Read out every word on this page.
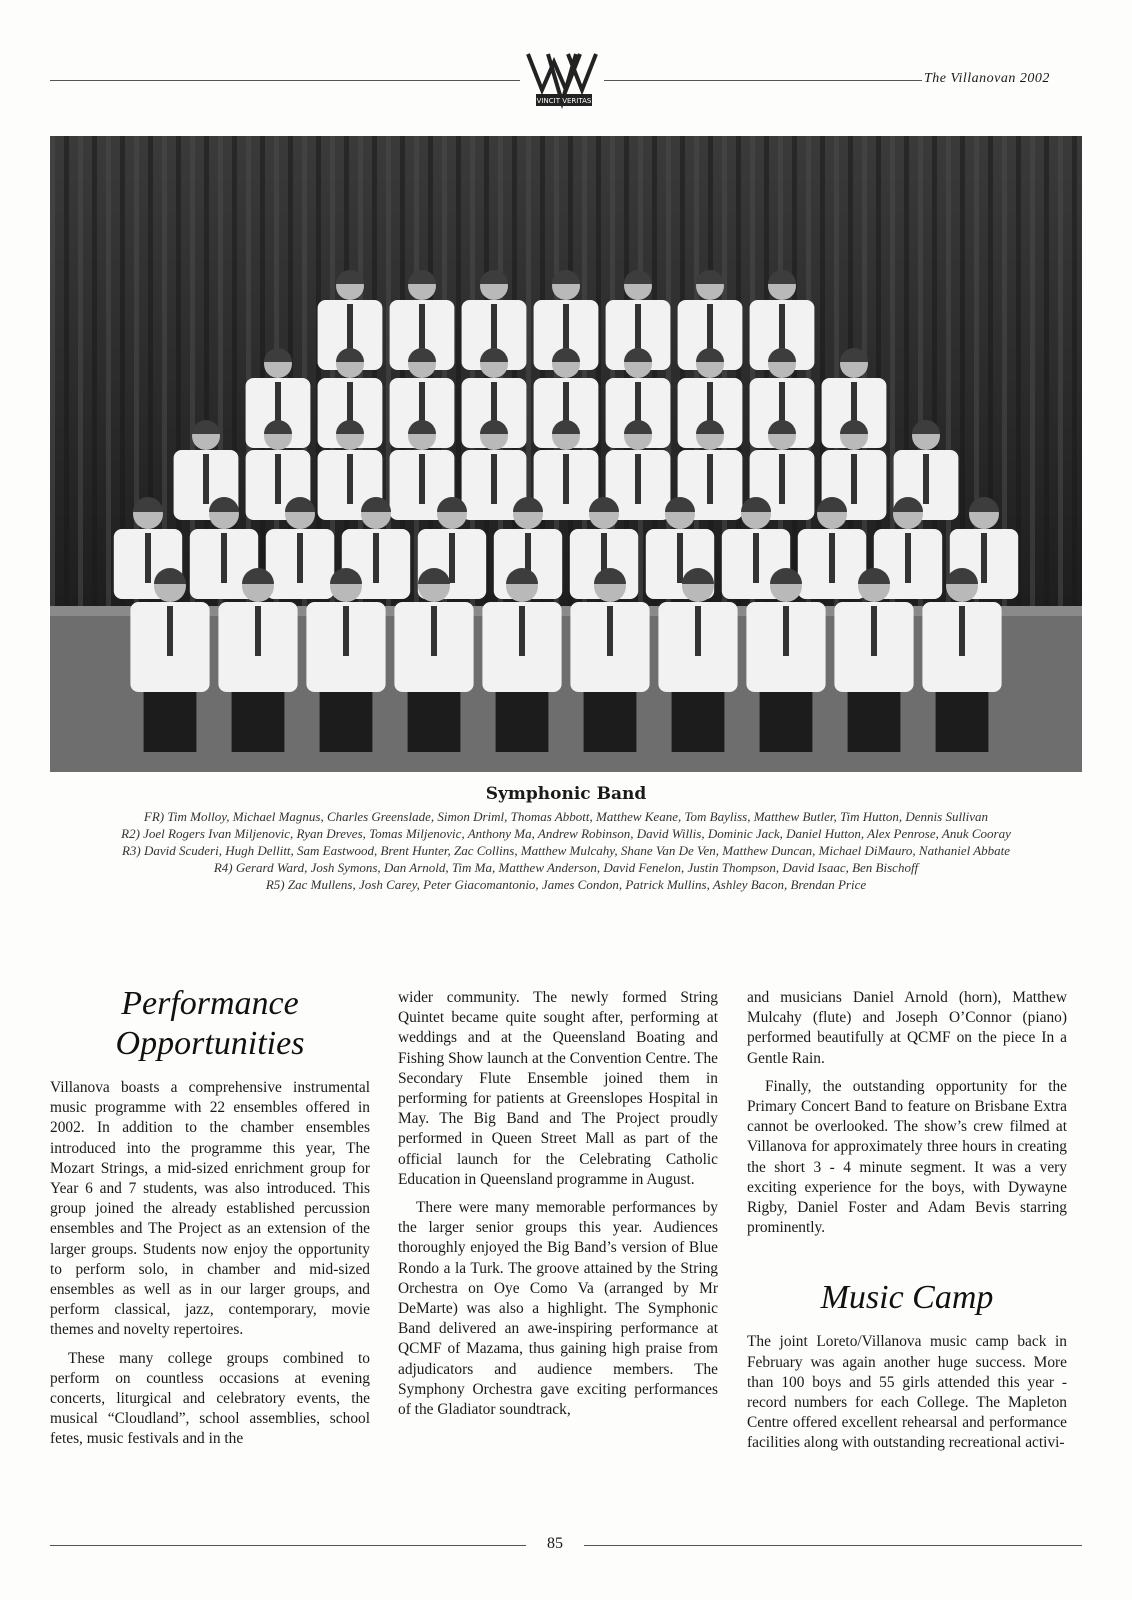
VINCIT VERITAS
The Villanovan 2002
Symphonic Band

FR) Tim Molloy, Michael Magnus, Charles Greenslade, Simon Driml, Thomas Abbott, Matthew Keane, Tom Bayliss, Matthew Butler, Tim Hutton, Dennis Sullivan

R2) Joel Rogers Ivan Miljenovic, Ryan Dreves, Tomas Miljenovic, Anthony Ma, Andrew Robinson, David Willis, Dominic Jack, Daniel Hutton, Alex Penrose, Anuk Cooray

R3) David Scuderi, Hugh Dellitt, Sam Eastwood, Brent Hunter, Zac Collins, Matthew Mulcahy, Shane Van De Ven, Matthew Duncan, Michael DiMauro, Nathaniel Abbate

R4) Gerard Ward, Josh Symons, Dan Arnold, Tim Ma, Matthew Anderson, David Fenelon, Justin Thompson, David Isaac, Ben Bischoff

R5) Zac Mullens, Josh Carey, Peter Giacomantonio, James Condon, Patrick Mullins, Ashley Bacon, Brendan Price

Performance Opportunities

Villanova boasts a comprehensive instrumental music programme with 22 ensembles offered in 2002. In addition to the chamber ensembles introduced into the programme this year, The Mozart Strings, a mid-sized enrichment group for Year 6 and 7 students, was also introduced. This group joined the already established percussion ensembles and The Project as an extension of the larger groups. Students now enjoy the opportunity to perform solo, in chamber and mid-sized ensembles as well as in our larger groups, and perform classical, jazz, contemporary, movie themes and novelty repertoires.

These many college groups combined to perform on countless occasions at evening concerts, liturgical and celebratory events, the musical “Cloudland”, school assemblies, school fetes, music festivals and in the

wider community. The newly formed String Quintet became quite sought after, performing at weddings and at the Queensland Boating and Fishing Show launch at the Convention Centre. The Secondary Flute Ensemble joined them in performing for patients at Greenslopes Hospital in May. The Big Band and The Project proudly performed in Queen Street Mall as part of the official launch for the Celebrating Catholic Education in Queensland programme in August.

There were many memorable performances by the larger senior groups this year. Audiences thoroughly enjoyed the Big Band’s version of Blue Rondo a la Turk. The groove attained by the String Orchestra on Oye Como Va (arranged by Mr DeMarte) was also a highlight. The Symphonic Band delivered an awe-inspiring performance at QCMF of Mazama, thus gaining high praise from adjudicators and audience members. The Symphony Orchestra gave exciting performances of the Gladiator soundtrack,

and musicians Daniel Arnold (horn), Matthew Mulcahy (flute) and Joseph O’Connor (piano) performed beautifully at QCMF on the piece In a Gentle Rain.

Finally, the outstanding opportunity for the Primary Concert Band to feature on Brisbane Extra cannot be overlooked. The show’s crew filmed at Villanova for approximately three hours in creating the short 3 - 4 minute segment. It was a very exciting experience for the boys, with Dywayne Rigby, Daniel Foster and Adam Bevis starring prominently.

Music Camp

The joint Loreto/Villanova music camp back in February was again another huge success. More than 100 boys and 55 girls attended this year - record numbers for each College. The Mapleton Centre offered excellent rehearsal and performance facilities along with outstanding recreational activi-

85
